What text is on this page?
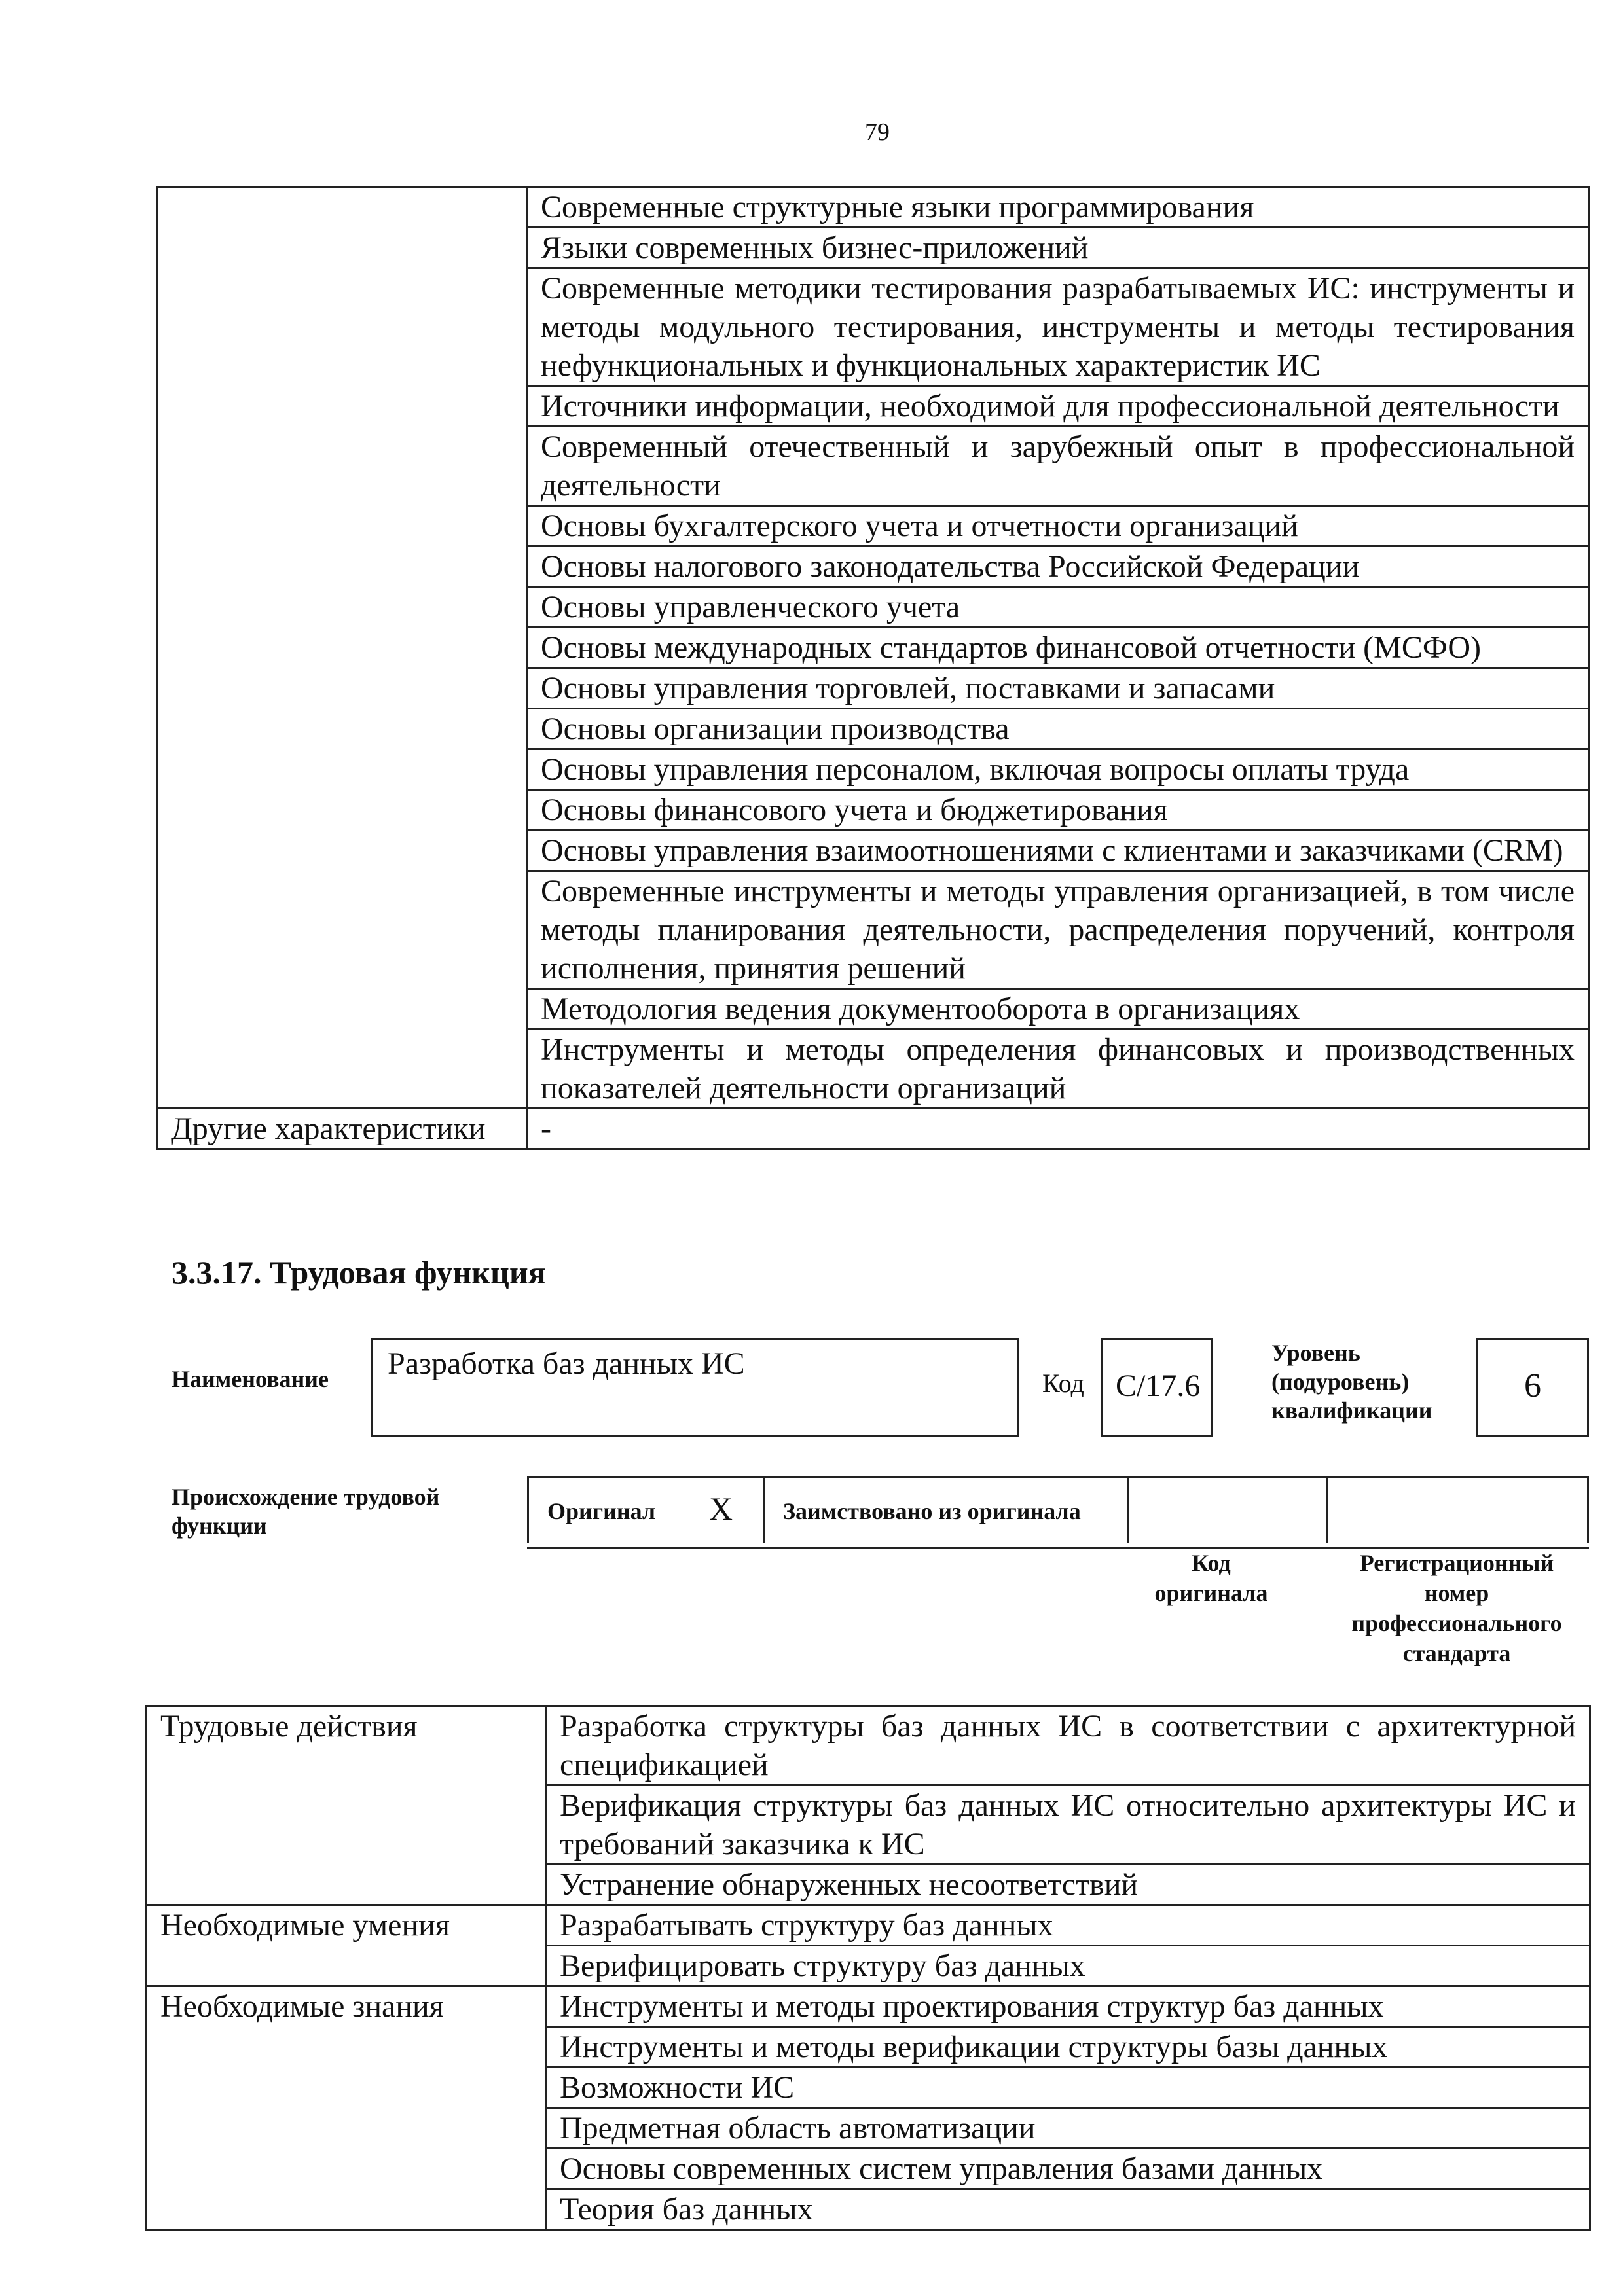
79
	Современные структурные языки программирования
	Языки современных бизнес-приложений
	Современные методики тестирования разрабатываемых ИС: инструменты и методы модульного тестирования, инструменты и методы тестирования нефункциональных и функциональных характеристик ИС
	Источники информации, необходимой для профессиональной деятельности
	Современный отечественный и зарубежный опыт в профессиональной деятельности
	Основы бухгалтерского учета и отчетности организаций
	Основы налогового законодательства Российской Федерации
	Основы управленческого учета
	Основы международных стандартов финансовой отчетности (МСФО)
	Основы управления торговлей, поставками и запасами
	Основы организации производства
	Основы управления персоналом, включая вопросы оплаты труда
	Основы финансового учета и бюджетирования
	Основы управления взаимоотношениями с клиентами и заказчиками (CRM)
	Современные инструменты и методы управления организацией, в том числе методы планирования деятельности, распределения поручений, контроля исполнения, принятия решений
	Методология ведения документооборота в организациях
	Инструменты и методы определения финансовых и производственных показателей деятельности организаций
Другие характеристики	-
3.3.17. Трудовая функция
Наименование	Разработка баз данных ИС
Код	С/17.6
Уровень
(подуровень)
квалификации
6
Происхождение трудовой функции
Оригинал X Заимствовано из оригинала
Код
оригинала
Регистрационный
номер
профессионального
стандарта
Трудовые действия	Разработка структуры баз данных ИС в соответствии с архитектурной спецификацией
	Верификация структуры баз данных ИС относительно архитектуры ИС и требований заказчика к ИС
	Устранение обнаруженных несоответствий
Необходимые умения	Разрабатывать структуру баз данных
	Верифицировать структуру баз данных
Необходимые знания	Инструменты и методы проектирования структур баз данных
	Инструменты и методы верификации структуры базы данных
	Возможности ИС
	Предметная область автоматизации
	Основы современных систем управления базами данных
	Теория баз данных
